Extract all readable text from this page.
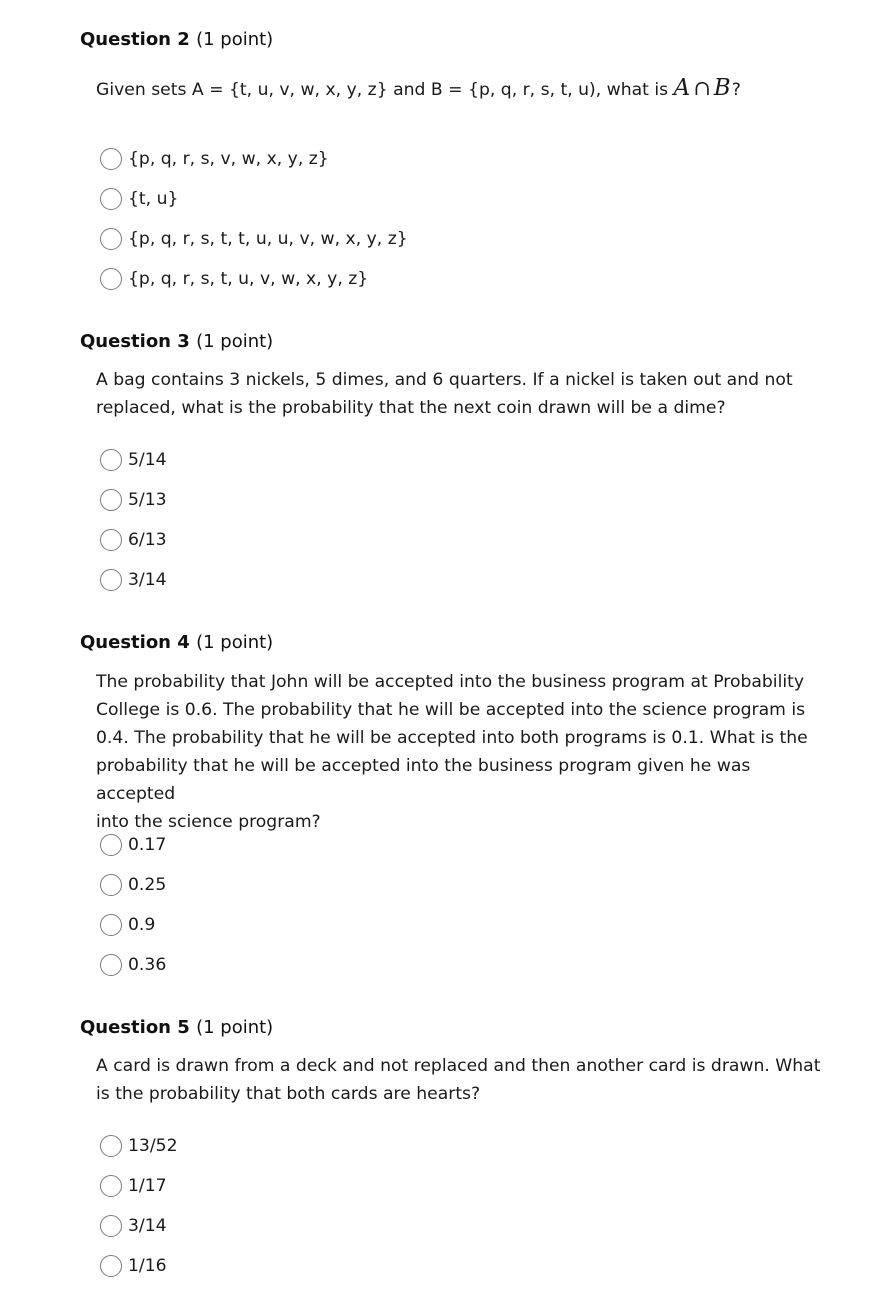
Question 2 (1 point)

Given sets A = {t, u, v, w, x, y, z} and B = {p, q, r, s, t, u), what is A∩B?

{p, q, r, s, v, w, x, y, z}
{t, u}
{p, q, r, s, t, t, u, u, v, w, x, y, z}
{p, q, r, s, t, u, v, w, x, y, z}
Question 3 (1 point)

A bag contains 3 nickels, 5 dimes, and 6 quarters. If a nickel is taken out and not
replaced, what is the probability that the next coin drawn will be a dime?

5/14
5/13
6/13
3/14
Question 4 (1 point)

The probability that John will be accepted into the business program at Probability
College is 0.6. The probability that he will be accepted into the science program is
0.4. The probability that he will be accepted into both programs is 0.1. What is the
probability that he will be accepted into the business program given he was accepted
into the science program?

0.17
0.25
0.9
0.36
Question 5 (1 point)

A card is drawn from a deck and not replaced and then another card is drawn. What
is the probability that both cards are hearts?

13/52
1/17
3/14
1/16
